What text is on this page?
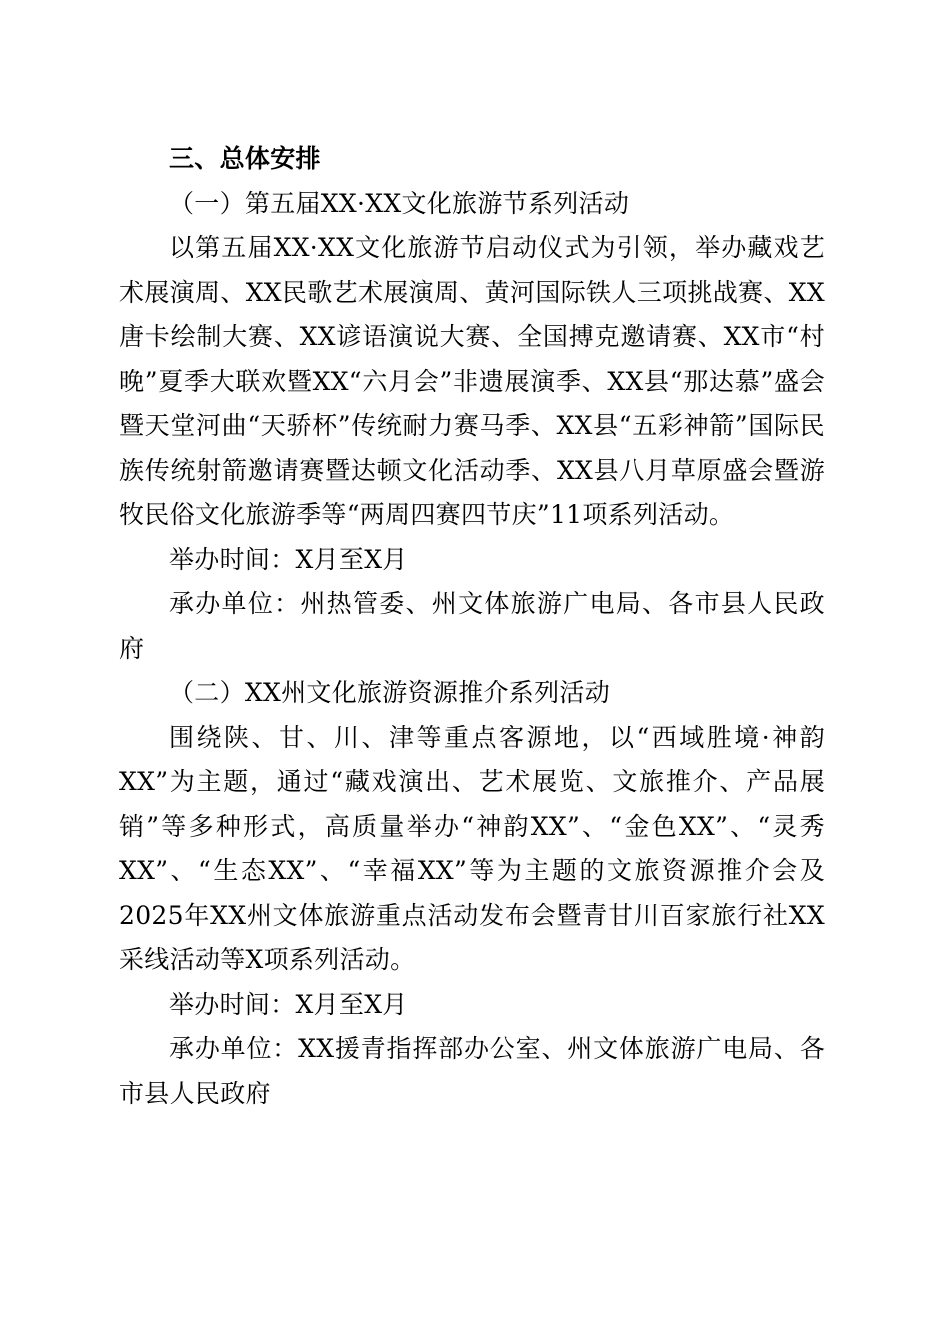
三、总体安排

（一）第五届XX·XX文化旅游节系列活动

以第五届XX·XX文化旅游节启动仪式为引领，举办藏戏艺术展演周、XX民歌艺术展演周、黄河国际铁人三项挑战赛、XX唐卡绘制大赛、XX谚语演说大赛、全国搏克邀请赛、XX市“村晚”夏季大联欢暨XX“六月会”非遗展演季、XX县“那达慕”盛会暨天堂河曲“天骄杯”传统耐力赛马季、XX县“五彩神箭”国际民族传统射箭邀请赛暨达顿文化活动季、XX县八月草原盛会暨游牧民俗文化旅游季等“两周四赛四节庆”11项系列活动。

举办时间：X月至X月

承办单位：州热管委、州文体旅游广电局、各市县人民政府

（二）XX州文化旅游资源推介系列活动

围绕陕、甘、川、津等重点客源地，以“西域胜境·神韵XX”为主题，通过“藏戏演出、艺术展览、文旅推介、产品展销”等多种形式，高质量举办“神韵XX”、“金色XX”、“灵秀XX”、“生态XX”、“幸福XX”等为主题的文旅资源推介会及2025年XX州文体旅游重点活动发布会暨青甘川百家旅行社XX采线活动等X项系列活动。

举办时间：X月至X月

承办单位：XX援青指挥部办公室、州文体旅游广电局、各市县人民政府
